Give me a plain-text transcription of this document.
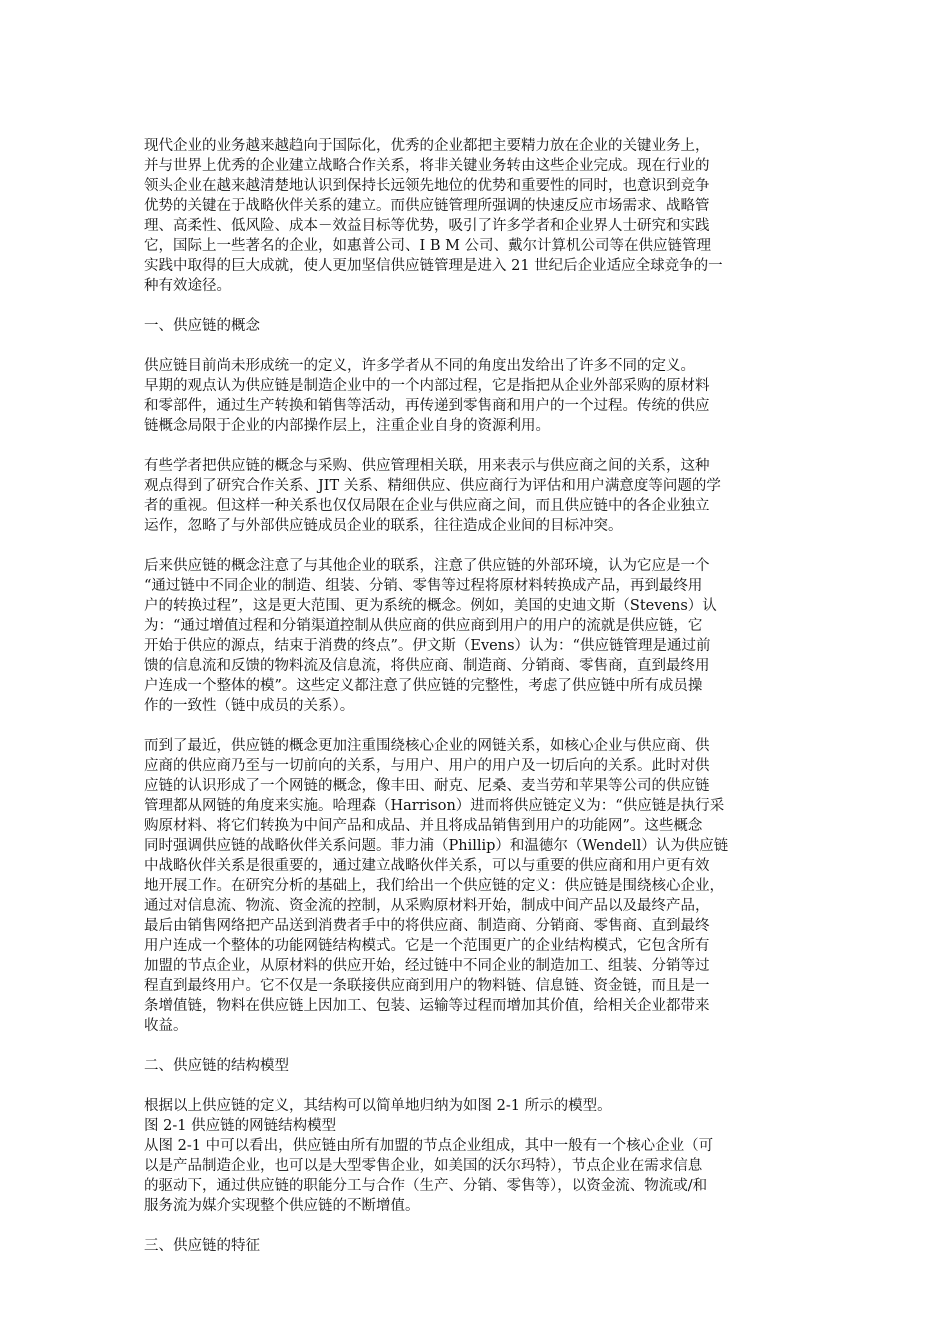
现代企业的业务越来越趋向于国际化，优秀的企业都把主要精力放在企业的关键业务上，
并与世界上优秀的企业建立战略合作关系，将非关键业务转由这些企业完成。现在行业的
领头企业在越来越清楚地认识到保持长远领先地位的优势和重要性的同时，也意识到竞争
优势的关键在于战略伙伴关系的建立。而供应链管理所强调的快速反应市场需求、战略管
理、高柔性、低风险、成本－效益目标等优势，吸引了许多学者和企业界人士研究和实践
它，国际上一些著名的企业，如惠普公司、I B M 公司、戴尔计算机公司等在供应链管理
实践中取得的巨大成就，使人更加坚信供应链管理是进入 21 世纪后企业适应全球竞争的一
种有效途径。
一、供应链的概念
供应链目前尚未形成统一的定义，许多学者从不同的角度出发给出了许多不同的定义。
早期的观点认为供应链是制造企业中的一个内部过程，它是指把从企业外部采购的原材料
和零部件，通过生产转换和销售等活动，再传递到零售商和用户的一个过程。传统的供应
链概念局限于企业的内部操作层上，注重企业自身的资源利用。
有些学者把供应链的概念与采购、供应管理相关联，用来表示与供应商之间的关系，这种
观点得到了研究合作关系、JIT 关系、精细供应、供应商行为评估和用户满意度等问题的学
者的重视。但这样一种关系也仅仅局限在企业与供应商之间，而且供应链中的各企业独立
运作，忽略了与外部供应链成员企业的联系，往往造成企业间的目标冲突。
后来供应链的概念注意了与其他企业的联系，注意了供应链的外部环境，认为它应是一个
“通过链中不同企业的制造、组装、分销、零售等过程将原材料转换成产品，再到最终用
户的转换过程”，这是更大范围、更为系统的概念。例如，美国的史迪文斯（Stevens）认
为：“通过增值过程和分销渠道控制从供应商的供应商到用户的用户的流就是供应链，它
开始于供应的源点，结束于消费的终点”。伊文斯（Evens）认为：“供应链管理是通过前
馈的信息流和反馈的物料流及信息流，将供应商、制造商、分销商、零售商，直到最终用
户连成一个整体的模”。这些定义都注意了供应链的完整性，考虑了供应链中所有成员操
作的一致性（链中成员的关系）。
而到了最近，供应链的概念更加注重围绕核心企业的网链关系，如核心企业与供应商、供
应商的供应商乃至与一切前向的关系，与用户、用户的用户及一切后向的关系。此时对供
应链的认识形成了一个网链的概念，像丰田、耐克、尼桑、麦当劳和苹果等公司的供应链
管理都从网链的角度来实施。哈理森（Harrison）进而将供应链定义为：“供应链是执行采
购原材料、将它们转换为中间产品和成品、并且将成品销售到用户的功能网”。这些概念
同时强调供应链的战略伙伴关系问题。菲力浦（Phillip）和温德尔（Wendell）认为供应链
中战略伙伴关系是很重要的，通过建立战略伙伴关系，可以与重要的供应商和用户更有效
地开展工作。在研究分析的基础上，我们给出一个供应链的定义：供应链是围绕核心企业，
通过对信息流、物流、资金流的控制，从采购原材料开始，制成中间产品以及最终产品，
最后由销售网络把产品送到消费者手中的将供应商、制造商、分销商、零售商、直到最终
用户连成一个整体的功能网链结构模式。它是一个范围更广的企业结构模式，它包含所有
加盟的节点企业，从原材料的供应开始，经过链中不同企业的制造加工、组装、分销等过
程直到最终用户。它不仅是一条联接供应商到用户的物料链、信息链、资金链，而且是一
条增值链，物料在供应链上因加工、包装、运输等过程而增加其价值，给相关企业都带来
收益。
二、供应链的结构模型
根据以上供应链的定义，其结构可以简单地归纳为如图 2-1 所示的模型。
图 2-1 供应链的网链结构模型
从图 2-1 中可以看出，供应链由所有加盟的节点企业组成，其中一般有一个核心企业（可
以是产品制造企业，也可以是大型零售企业，如美国的沃尔玛特），节点企业在需求信息
的驱动下，通过供应链的职能分工与合作（生产、分销、零售等），以资金流、物流或/和
服务流为媒介实现整个供应链的不断增值。
三、供应链的特征
